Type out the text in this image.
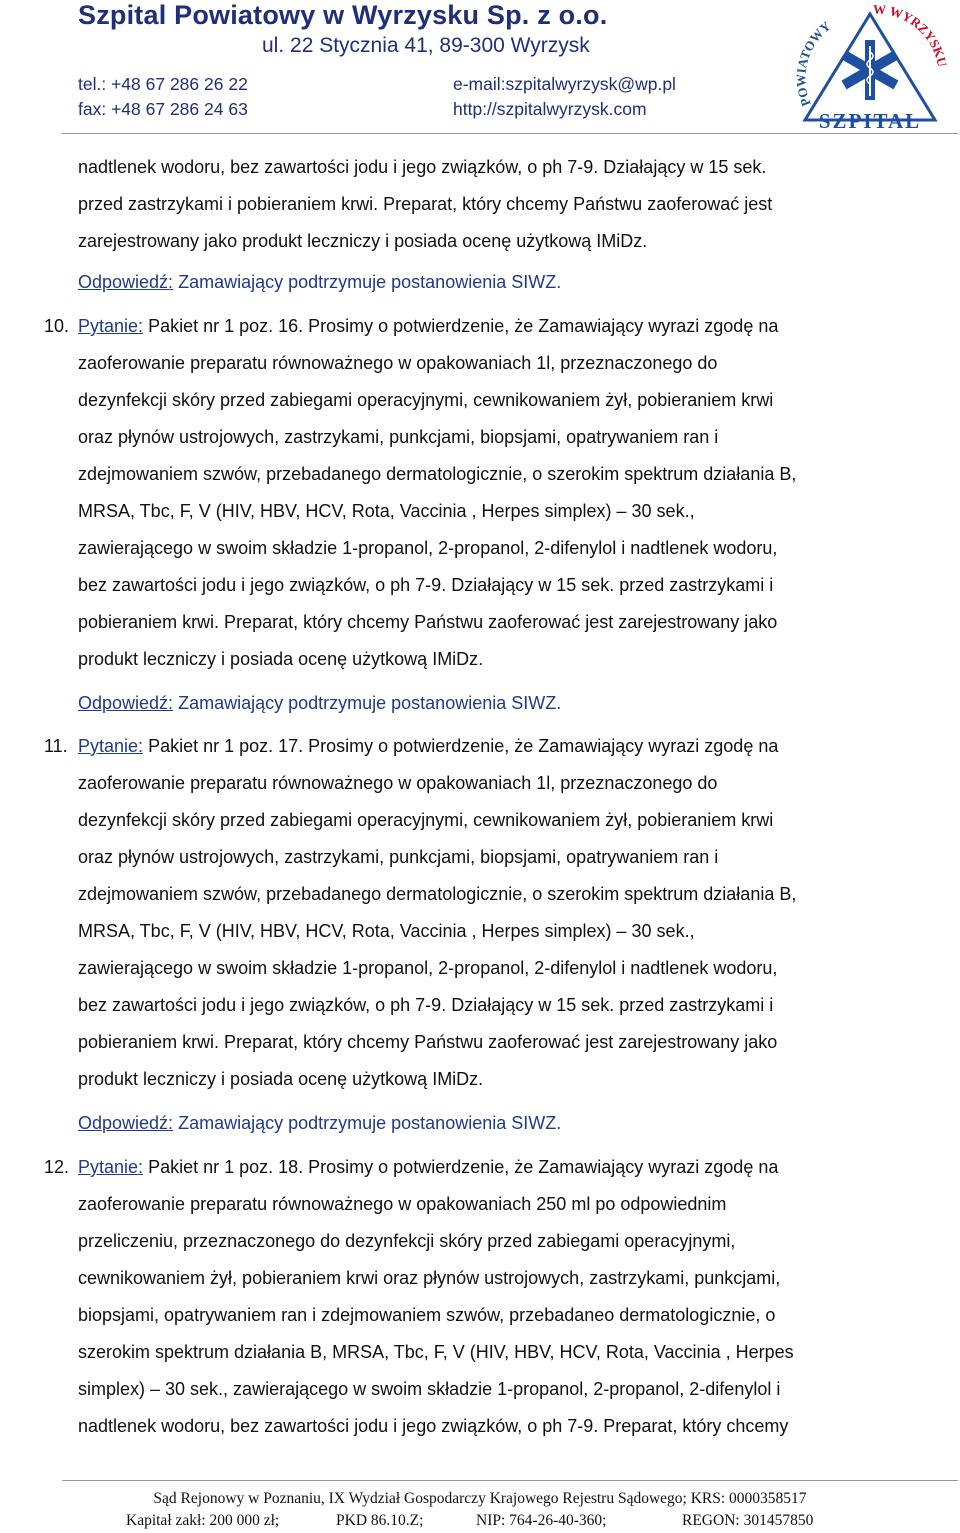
Szpital Powiatowy w Wyrzysku Sp. z o.o.
ul. 22 Stycznia 41, 89-300 Wyrzysk
tel.: +48 67 286 26 22
fax: +48 67 286 24 63
e-mail:szpitalwyrzysk@wp.pl
http://szpitalwyrzysk.com	POWIATOWY
W WYRZYSKU
SZPITAL
nadtlenek wodoru, bez zawartości jodu i jego związków, o ph 7-9. Działający w 15 sek.
przed zastrzykami i pobieraniem krwi. Preparat, który chcemy Państwu zaoferować jest
zarejestrowany jako produkt leczniczy i posiada ocenę użytkową IMiDz.
Odpowiedź: Zamawiający podtrzymuje postanowienia SIWZ.
10. Pytanie: Pakiet nr 1 poz. 16. Prosimy o potwierdzenie, że Zamawiający wyrazi zgodę na
zaoferowanie preparatu równoważnego w opakowaniach 1l, przeznaczonego do
dezynfekcji skóry przed zabiegami operacyjnymi, cewnikowaniem żył, pobieraniem krwi
oraz płynów ustrojowych, zastrzykami, punkcjami, biopsjami, opatrywaniem ran i
zdejmowaniem szwów, przebadanego dermatologicznie, o szerokim spektrum działania B,
MRSA, Tbc, F, V (HIV, HBV, HCV, Rota, Vaccinia , Herpes simplex) – 30 sek.,
zawierającego w swoim składzie 1-propanol, 2-propanol, 2-difenylol i nadtlenek wodoru,
bez zawartości jodu i jego związków, o ph 7-9. Działający w 15 sek. przed zastrzykami i
pobieraniem krwi. Preparat, który chcemy Państwu zaoferować jest zarejestrowany jako
produkt leczniczy i posiada ocenę użytkową IMiDz.
Odpowiedź: Zamawiający podtrzymuje postanowienia SIWZ.
11. Pytanie: Pakiet nr 1 poz. 17. Prosimy o potwierdzenie, że Zamawiający wyrazi zgodę na
zaoferowanie preparatu równoważnego w opakowaniach 1l, przeznaczonego do
dezynfekcji skóry przed zabiegami operacyjnymi, cewnikowaniem żył, pobieraniem krwi
oraz płynów ustrojowych, zastrzykami, punkcjami, biopsjami, opatrywaniem ran i
zdejmowaniem szwów, przebadanego dermatologicznie, o szerokim spektrum działania B,
MRSA, Tbc, F, V (HIV, HBV, HCV, Rota, Vaccinia , Herpes simplex) – 30 sek.,
zawierającego w swoim składzie 1-propanol, 2-propanol, 2-difenylol i nadtlenek wodoru,
bez zawartości jodu i jego związków, o ph 7-9. Działający w 15 sek. przed zastrzykami i
pobieraniem krwi. Preparat, który chcemy Państwu zaoferować jest zarejestrowany jako
produkt leczniczy i posiada ocenę użytkową IMiDz.
Odpowiedź: Zamawiający podtrzymuje postanowienia SIWZ.
12. Pytanie: Pakiet nr 1 poz. 18. Prosimy o potwierdzenie, że Zamawiający wyrazi zgodę na
zaoferowanie preparatu równoważnego w opakowaniach 250 ml po odpowiednim
przeliczeniu, przeznaczonego do dezynfekcji skóry przed zabiegami operacyjnymi,
cewnikowaniem żył, pobieraniem krwi oraz płynów ustrojowych, zastrzykami, punkcjami,
biopsjami, opatrywaniem ran i zdejmowaniem szwów, przebadaneo dermatologicznie, o
szerokim spektrum działania B, MRSA, Tbc, F, V (HIV, HBV, HCV, Rota, Vaccinia , Herpes
simplex) – 30 sek., zawierającego w swoim składzie 1-propanol, 2-propanol, 2-difenylol i
nadtlenek wodoru, bez zawartości jodu i jego związków, o ph 7-9. Preparat, który chcemy
Sąd Rejonowy w Poznaniu, IX Wydział Gospodarczy Krajowego Rejestru Sądowego; KRS: 0000358517
Kapitał zakł: 200 000 zł;	PKD 86.10.Z;	NIP: 764-26-40-360;	REGON: 301457850
